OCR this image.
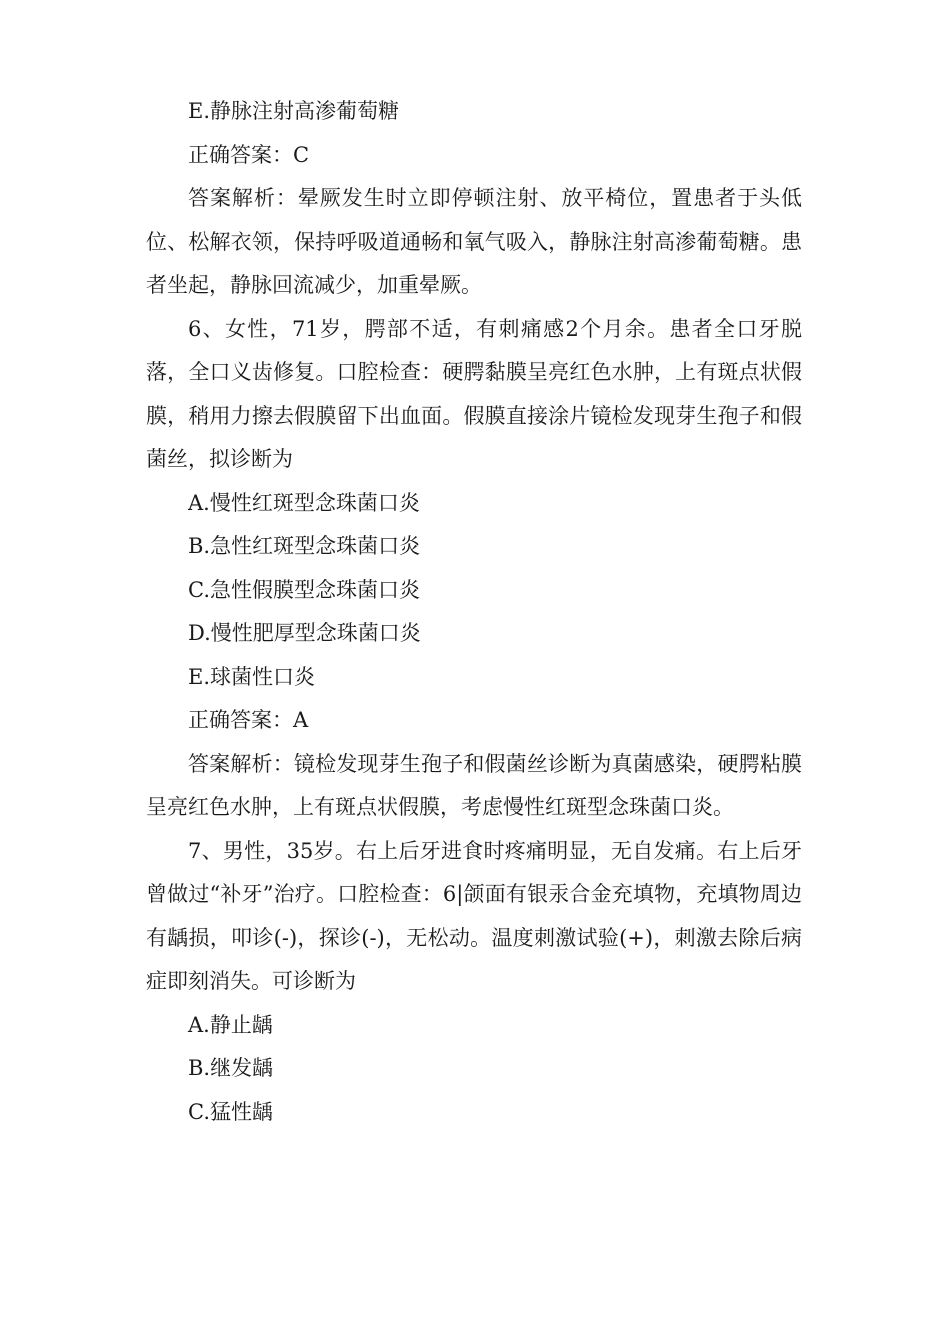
E.静脉注射高渗葡萄糖
正确答案：C
答案解析：晕厥发生时立即停顿注射、放平椅位，置患者于头低位、松解衣领，保持呼吸道通畅和氧气吸入，静脉注射高渗葡萄糖。患者坐起，静脉回流减少，加重晕厥。
6、女性，71岁，腭部不适，有刺痛感2个月余。患者全口牙脱落，全口义齿修复。口腔检查：硬腭黏膜呈亮红色水肿，上有斑点状假膜，稍用力擦去假膜留下出血面。假膜直接涂片镜检发现芽生孢子和假菌丝，拟诊断为
A.慢性红斑型念珠菌口炎
B.急性红斑型念珠菌口炎
C.急性假膜型念珠菌口炎
D.慢性肥厚型念珠菌口炎
E.球菌性口炎
正确答案：A
答案解析：镜检发现芽生孢子和假菌丝诊断为真菌感染，硬腭粘膜呈亮红色水肿，上有斑点状假膜，考虑慢性红斑型念珠菌口炎。
7、男性，35岁。右上后牙进食时疼痛明显，无自发痛。右上后牙曾做过“补牙”治疗。口腔检查：6|颌面有银汞合金充填物，充填物周边有龋损，叩诊(-)，探诊(-)，无松动。温度刺激试验(+)，刺激去除后病症即刻消失。可诊断为
A.静止龋
B.继发龋
C.猛性龋
